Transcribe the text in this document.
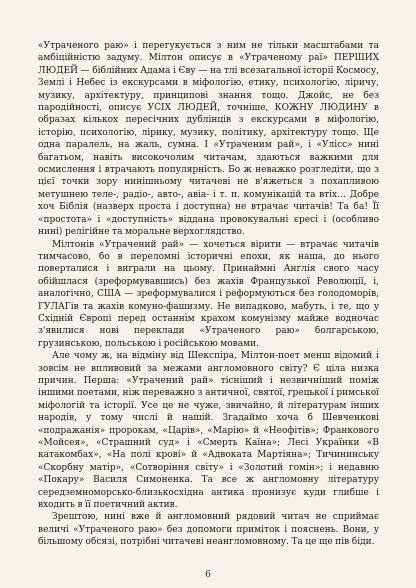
«Утраченого раю» і перегукується з ним не тільки масштабами та амбіційністю задуму. Мілтон описує в «Утраченому раї» ПЕРШИХ ЛЮДЕЙ — біблійних Адама і Єву — на тлі всезагальної історії Космосу, Землі і Небес із екскурсами в міфологію, етику, психологію, ліричу, музику, архітектуру, принципові знання тощо. Джойс, не без пародійності, описує УСІХ ЛЮДЕЙ, точніше, КОЖНУ ЛЮДИНУ в образах кількох пересічних дублінців з екскурсами в міфологію, історію, психологію, лірику, музику, політику, архітектуру тощо. Ще одна паралель, на жаль, сумна. І «Утраченим рай», і «Улісс» нині багатьом, навіть високочолим читачам, здаються важкими для осмислення і втрачають популярність. Бо ж неважко розгледіти, що з цієї точки зору нинішньому читачеві не в'яжеться з похапливою метушнею теле-, радіо-, авто-, авіа- і т. п. комунікацій та втіх… Добре хоч Біблія (назверх проста і доступна) не втрачає читачів! Та ба! Її «простота» і «доступність» віддана провокувальні єресі і (особливо нині) релігійне та моральне верхоглядство.

Мілтонів «Утрачений рай» — хочеться вірити — втрачає читачів тимчасово, бо в переломні історичні епохи, як наша, до нього поверталися і виграли на цьому. Принаймні Англія свого часу обійшлася (зреформувавшись) без жахів Французької Революції, і, аналогічно, США — зреформувалися і реформуються без голодоморів, ГУЛАГів та жахів комуно-фашизму. Не випадково, мабуть, і те, що у Східній Європі перед останнім крахом комунізму майже водночас з'явилися нові переклади «Утраченого раю» болгарською, грузинською, польською і російською мовами.

Але чому ж, на відміну від Шекспіра, Мілтон-поет менш відомий і зовсім не впливовий за межами англомовного світу? Є ціла низка причин. Перша: «Утрачений рай» тісніший і незвичніший поміж іншими поетами, ніж переважно з античної, святої, грецької і римської міфологій та історії. Усе це не чуже, звичайно, й літературам інших народів, у тому числі й нашій. Згадаймо хоча б Шевченкові «подражанія» пророкам, «Царів», «Марію» й «Неофітів»; Франкового «Мойсея», «Страшний суд» і «Смерть Каїна»; Лесі Українки «В катакомбах», «На полі крові» й «Адвоката Мартіяна»; Тичининську «Скорбну матір», «Сотворіння світу» і «Золотий гомін»; і недавню «Покару» Василя Симоненка. Та все ж англомовну літературу середземноморсько-близькосхідна антика пронизує куди глибше і входить в її поетичний актив.

Зрештою, нині вже й англомовний рядовий читач не сприймає величі «Утраченого раю» без допомоги приміток і пояснень. Вони, у більшому обсязі, потрібні читачеві неангломовному. Та це ще пів біди.

6
